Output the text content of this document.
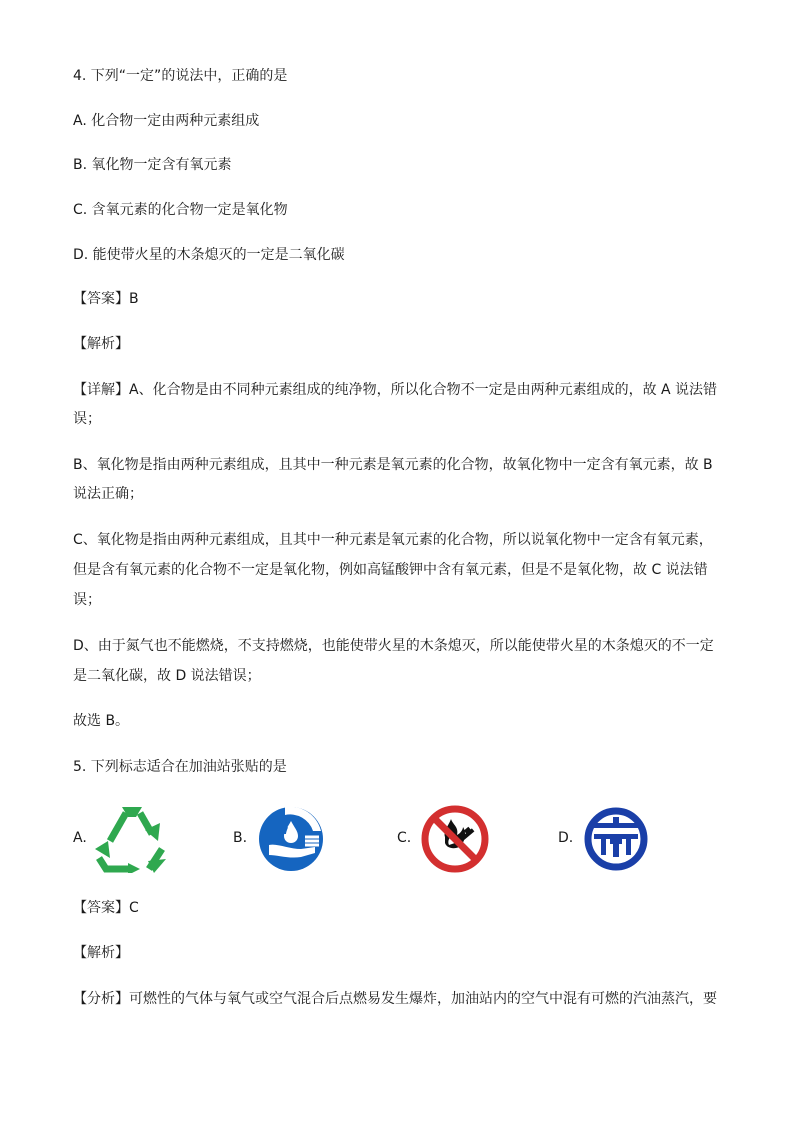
4. 下列“一定”的说法中，正确的是
A. 化合物一定由两种元素组成
B. 氧化物一定含有氧元素
C. 含氧元素的化合物一定是氧化物
D. 能使带火星的木条熄灭的一定是二氧化碳
【答案】B
【解析】
【详解】A、化合物是由不同种元素组成的纯净物，所以化合物不一定是由两种元素组成的，故 A 说法错
误；
B、氧化物是指由两种元素组成，且其中一种元素是氧元素的化合物，故氧化物中一定含有氧元素，故 B
说法正确；
C、氧化物是指由两种元素组成，且其中一种元素是氧元素的化合物，所以说氧化物中一定含有氧元素，
但是含有氧元素的化合物不一定是氧化物，例如高锰酸钾中含有氧元素，但是不是氧化物，故 C 说法错
误；
D、由于氮气也不能燃烧，不支持燃烧，也能使带火星的木条熄灭，所以能使带火星的木条熄灭的不一定
是二氧化碳，故 D 说法错误；
故选 B。
5. 下列标志适合在加油站张贴的是
A.	B.	C.	D.
【答案】C
【解析】
【分析】可燃性的气体与氧气或空气混合后点燃易发生爆炸，加油站内的空气中混有可燃的汽油蒸汽，要
